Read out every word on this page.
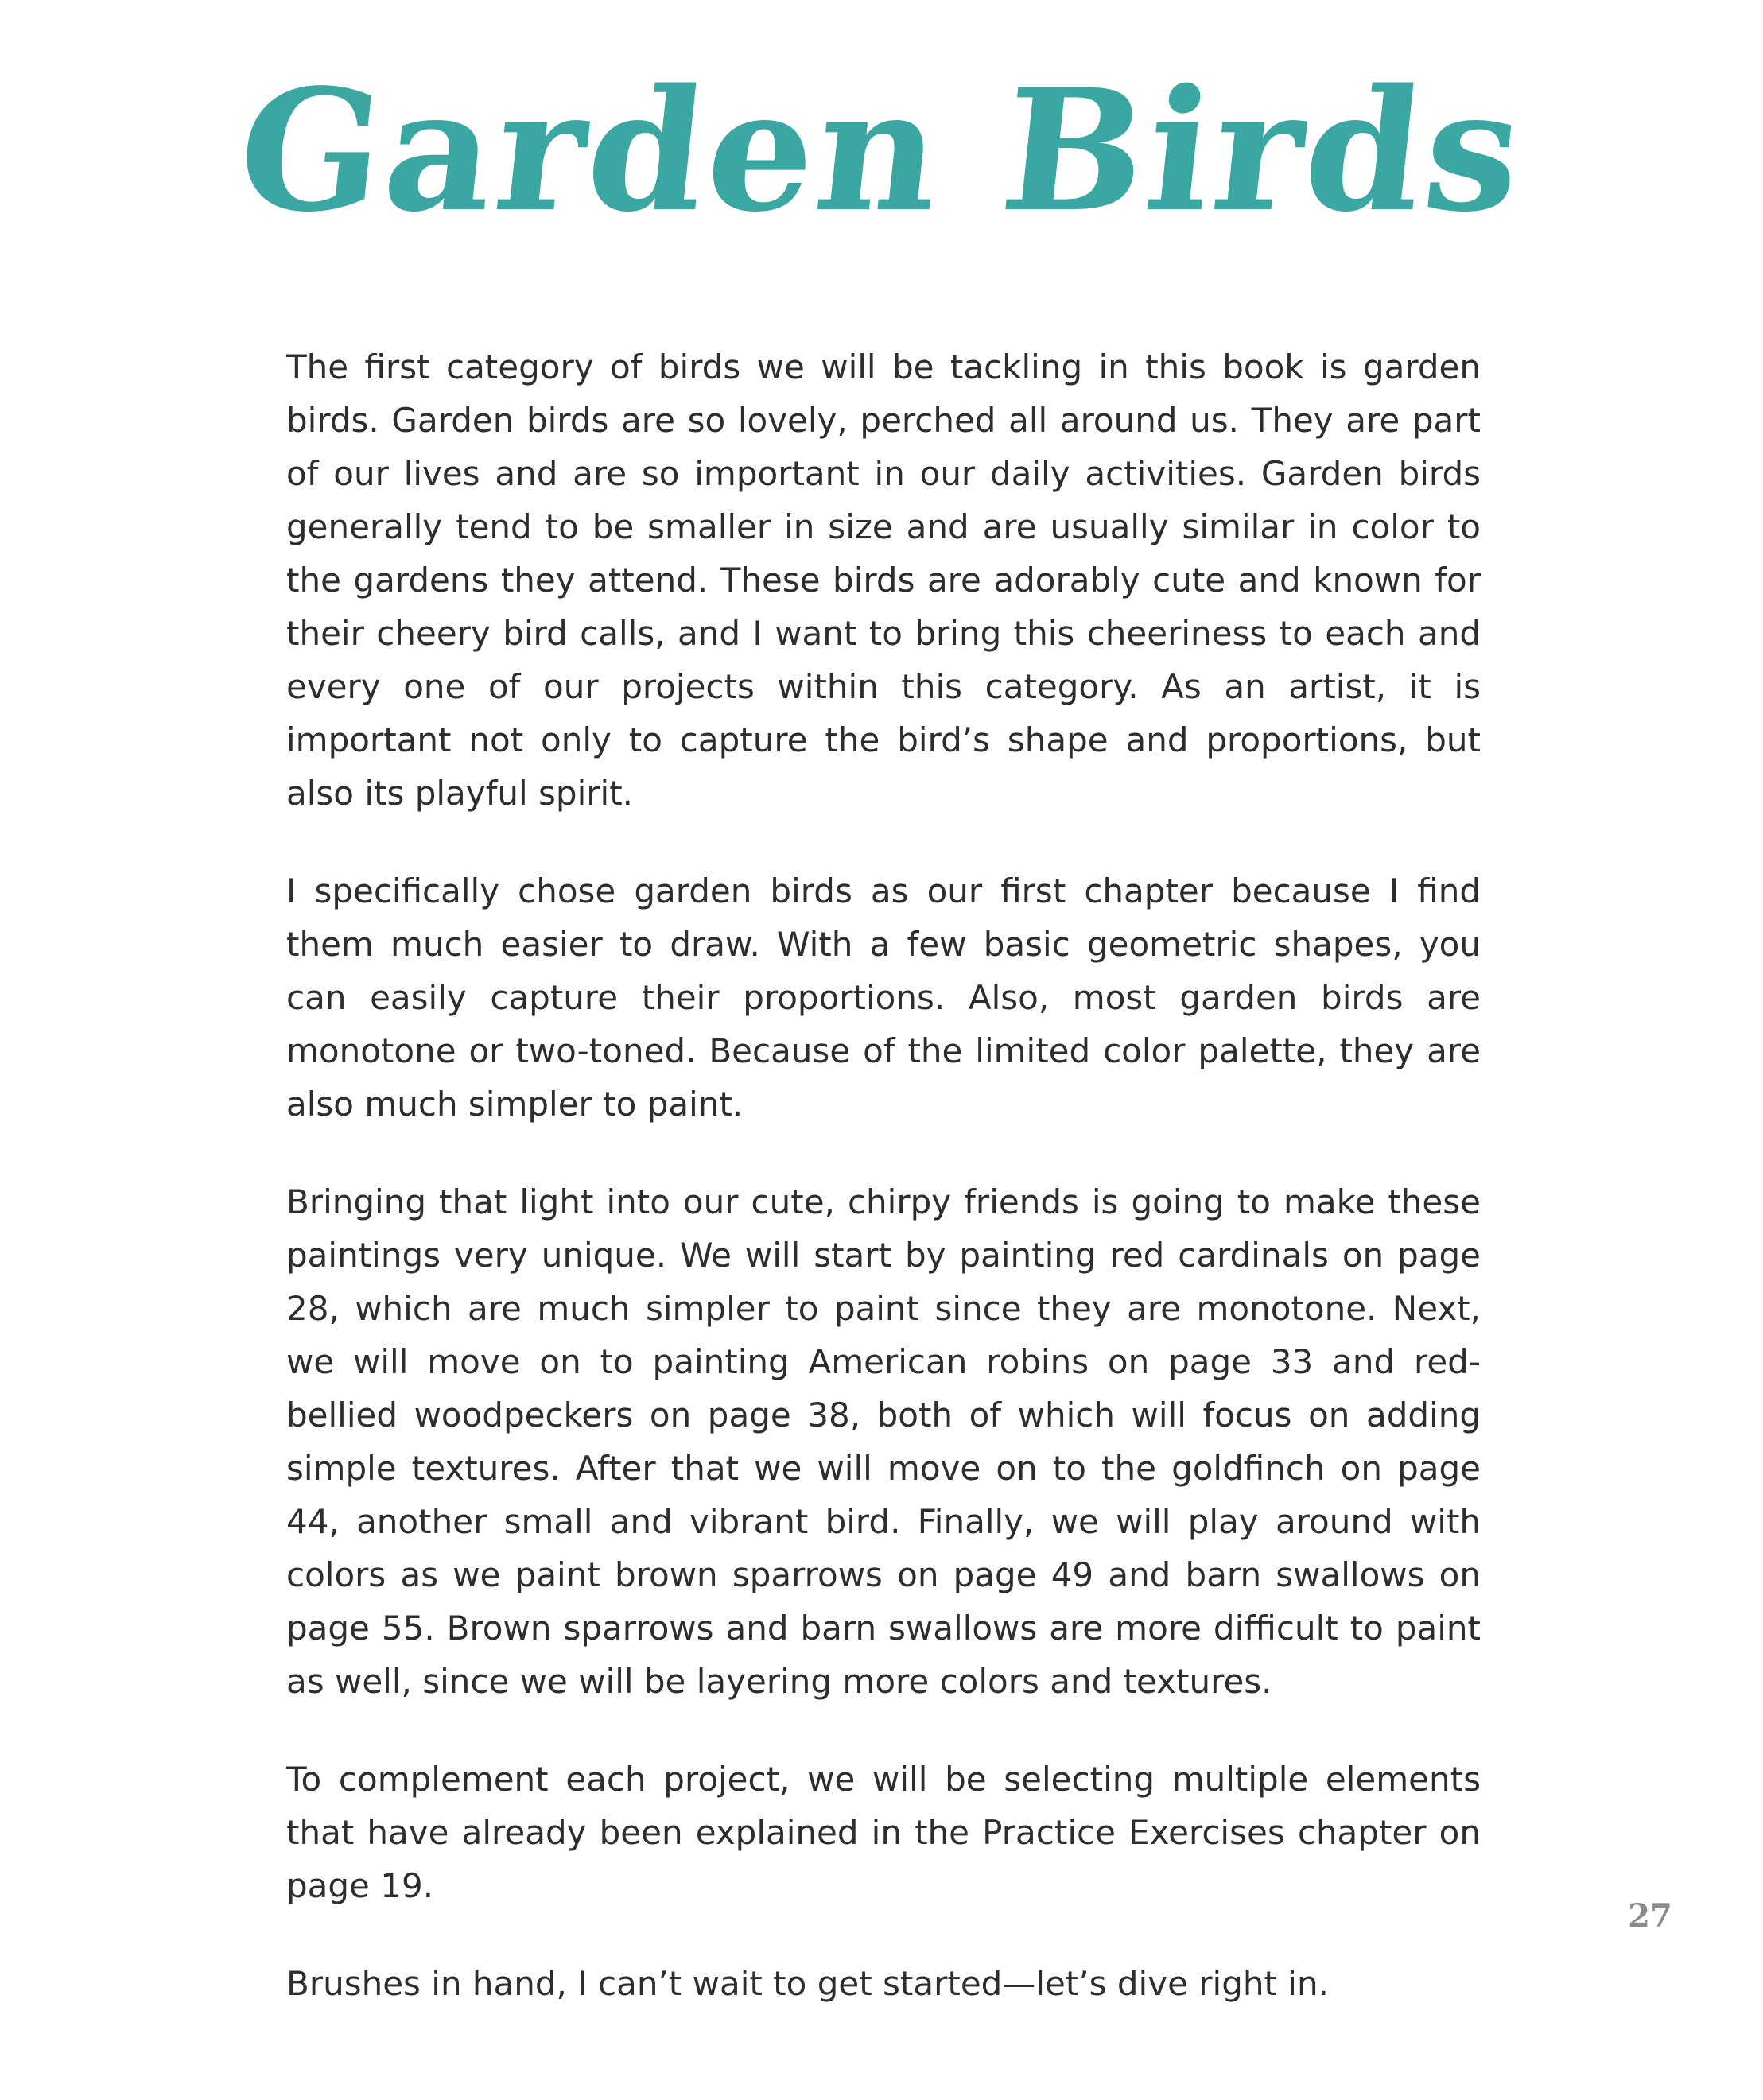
Garden Birds

The first category of birds we will be tackling in this book is garden birds. Garden birds are so lovely, perched all around us. They are part of our lives and are so important in our daily activities. Garden birds generally tend to be smaller in size and are usually similar in color to the gardens they attend. These birds are adorably cute and known for their cheery bird calls, and I want to bring this cheeriness to each and every one of our projects within this category. As an artist, it is important not only to capture the bird’s shape and proportions, but also its playful spirit.

I specifically chose garden birds as our first chapter because I find them much easier to draw. With a few basic geometric shapes, you can easily capture their proportions. Also, most garden birds are monotone or two-toned. Because of the limited color palette, they are also much simpler to paint.

Bringing that light into our cute, chirpy friends is going to make these paintings very unique. We will start by painting red cardinals on page 28, which are much simpler to paint since they are monotone. Next, we will move on to painting American robins on page 33 and red-bellied woodpeckers on page 38, both of which will focus on adding simple textures. After that we will move on to the goldfinch on page 44, another small and vibrant bird. Finally, we will play around with colors as we paint brown sparrows on page 49 and barn swallows on page 55. Brown sparrows and barn swallows are more difficult to paint as well, since we will be layering more colors and textures.

To complement each project, we will be selecting multiple elements that have already been explained in the Practice Exercises chapter on page 19.

Brushes in hand, I can’t wait to get started—let’s dive right in.

27
